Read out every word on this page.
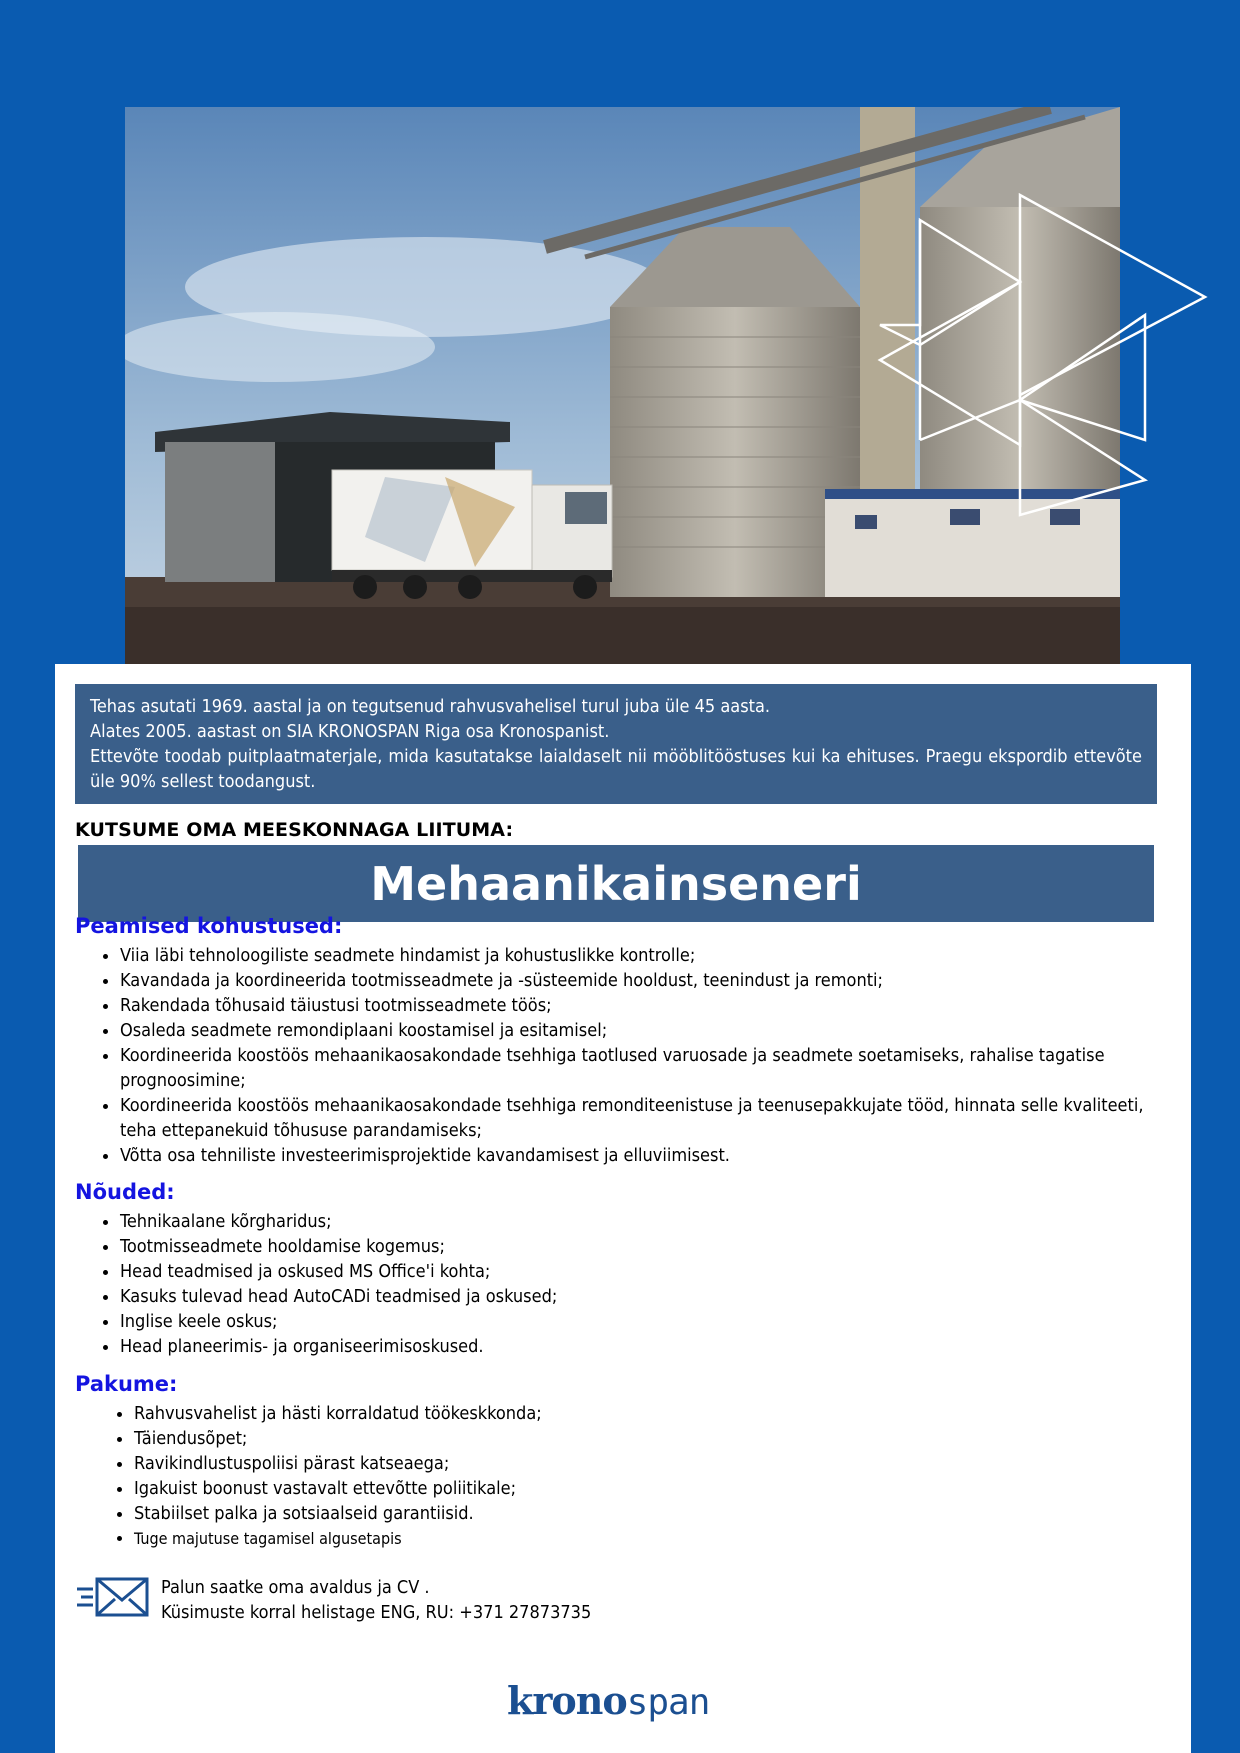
Tehas asutati 1969. aastal ja on tegutsenud rahvusvahelisel turul juba üle 45 aasta.

Alates 2005. aastast on SIA KRONOSPAN Riga osa Kronospanist.

Ettevõte toodab puitplaatmaterjale, mida kasutatakse laialdaselt nii mööblitööstuses kui ka ehituses. Praegu ekspordib ettevõte üle 90% sellest toodangust.

KUTSUME OMA MEESKONNAGA LIITUMA:
Mehaanikainseneri
Peamised kohustused:
• Viia läbi tehnoloogiliste seadmete hindamist ja kohustuslikke kontrolle;
• Kavandada ja koordineerida tootmisseadmete ja -süsteemide hooldust, teenindust ja remonti;
• Rakendada tõhusaid täiustusi tootmisseadmete töös;
• Osaleda seadmete remondiplaani koostamisel ja esitamisel;
• Koordineerida koostöös mehaanikaosakondade tsehhiga taotlused varuosade ja seadmete soetamiseks, rahalise tagatise prognoosimine;
• Koordineerida koostöös mehaanikaosakondade tsehhiga remonditeenistuse ja teenusepakkujate tööd, hinnata selle kvaliteeti, teha ettepanekuid tõhususe parandamiseks;
• Võtta osa tehniliste investeerimisprojektide kavandamisest ja elluviimisest.
Nõuded:
• Tehnikaalane kõrgharidus;
• Tootmisseadmete hooldamise kogemus;
• Head teadmised ja oskused MS Office'i kohta;
• Kasuks tulevad head AutoCADi teadmised ja oskused;
• Inglise keele oskus;
• Head planeerimis- ja organiseerimisoskused.
Pakume:
• Rahvusvahelist ja hästi korraldatud töökeskkonda;
• Täiendusõpet;
• Ravikindlustuspoliisi pärast katseaega;
• Igakuist boonust vastavalt ettevõtte poliitikale;
• Stabiilset palka ja sotsiaalseid garantiisid.
• Tuge majutuse tagamisel algusetapis
Palun saatke oma avaldus ja CV .
Küsimuste korral helistage ENG, RU: +371 27873735
krono span
